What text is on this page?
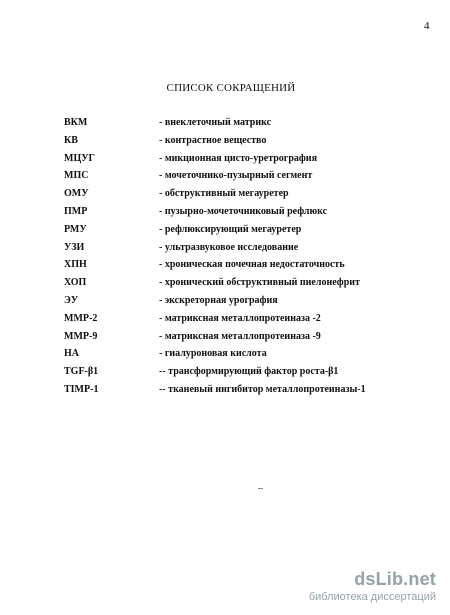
4
СПИСОК СОКРАЩЕНИЙ
ВКМ	- внеклеточный матрикс
КВ	- контрастное вещество
МЦУГ	- микционная цисто-уретрография
МПС	- мочеточнико-пузырный сегмент
ОМУ	- обструктивный мегауретер
ПМР	- пузырно-мочеточниковый рефлюкс
РМУ	- рефлюксирующий мегауретер
УЗИ	- ультразвуковое исследование
ХПН	- хроническая почечная недостаточность
ХОП	- хронический обструктивный пиелонефрит
ЭУ	- экскреторная урография
ММР-2	- матриксная металлопротеиназа -2
ММР-9	- матриксная металлопротеиназа -9
НА	- гиалуроновая кислота
TGF-β1	-- трансформирующий фактор роста-β1
TIMP-1	-- тканевый ингибитор металлопротеиназы-1
dsLib.net
библиотека диссертаций
